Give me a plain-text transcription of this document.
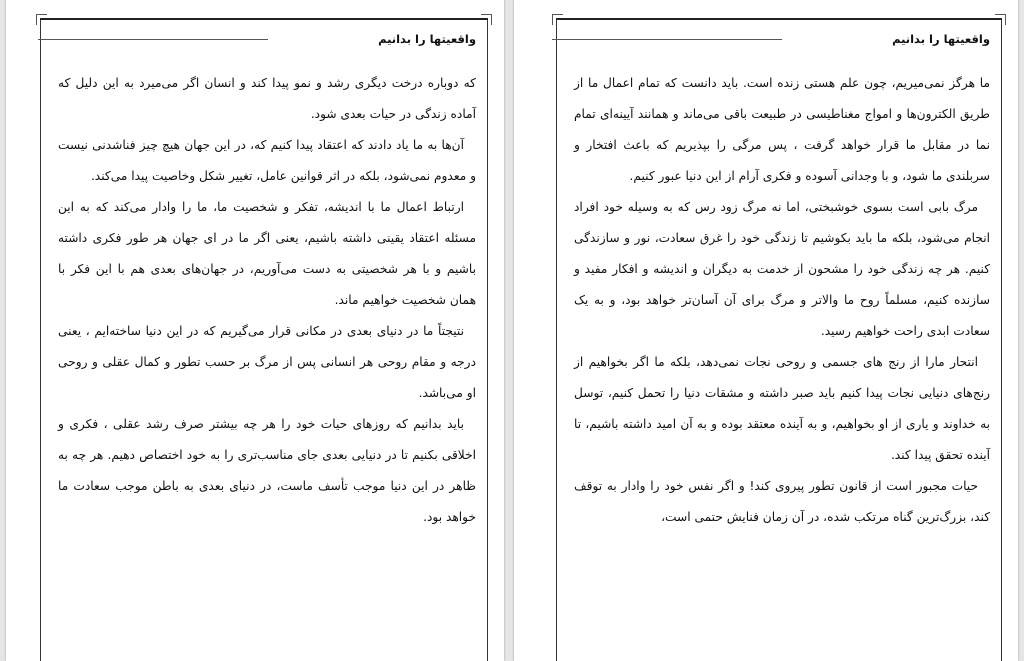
واقعیتها را بدانیم

ما هرگز نمی‌میریم، چون علم هستی زنده است. باید دانست که تمام اعمال ما از طریق الکترون‌ها و امواج مغناطیسی در طبیعت باقی می‌ماند و همانند آیینه‌ای تمام نما در مقابل ما قرار خواهد گرفت ، پس مرگی را بپذیریم که باعث افتخار و سربلندی ما شود، و با وجدانی آسوده و فکری آرام از این دنیا عبور کنیم.

مرگ بابی است بسوی خوشبختی، اما نه مرگ زود رس که به وسیله خود افراد انجام می‌شود، بلکه ما باید بکوشیم تا زندگی خود را غرق سعادت، نور و سازندگی کنیم. هر چه زندگی خود را مشحون از خدمت به دیگران و اندیشه و افکار مفید و سازنده کنیم، مسلماً روح ما والاتر و مرگ برای آن آسان‌تر خواهد بود، و به یک سعادت ابدی راحت خواهیم رسید.

انتحار مارا از رنج های جسمی و روحی نجات نمی‌دهد، بلکه ما اگر بخواهیم از رنج‌های دنیایی نجات پیدا کنیم باید صبر داشته و مشقات دنیا را تحمل کنیم، توسل به خداوند و یاری از او بخواهیم، و به آینده معتقد بوده و به آن امید داشته باشیم، تا آینده تحقق پیدا کند.

حیات مجبور است از قانون تطور پیروی کند! و اگر نفس خود را وادار به توقف کند، بزرگ‌ترین گناه مرتکب شده، در آن زمان فنایش حتمی است،

واقعیتها را بدانیم

که دوباره درخت دیگری رشد و نمو پیدا کند و انسان اگر می‌میرد به این دلیل که آماده زندگی در حیات بعدی شود.

آن‌ها به ما یاد دادند که اعتقاد پیدا کنیم که، در این جهان هیچ چیز فناشدنی نیست و معدوم نمی‌شود، بلکه در اثر قوانین عامل، تغییر شکل وخاصیت پیدا می‌کند.

ارتباط اعمال ما با اندیشه، تفکر و شخصیت ما، ما را وادار می‌کند که به این مسئله اعتقاد یقینی داشته باشیم، یعنی اگر ما در ای جهان هر طور فکری داشته باشیم و با هر شخصیتی به دست می‌آوریم، در جهان‌های بعدی هم با این فکر با همان شخصیت خواهیم ماند.

نتیجتاً ما در دنیای بعدی در مکانی قرار می‌گیریم که در این دنیا ساخته‌ایم ، یعنی درجه و مقام روحی هر انسانی پس از مرگ بر حسب تطور و کمال عقلی و روحی او می‌باشد.

باید بدانیم که روزهای حیات خود را هر چه بیشتر صرف رشد عقلی ، فکری و اخلاقی بکنیم تا در دنیایی بعدی جای مناسب‌تری را به خود اختصاص دهیم. هر چه به ظاهر در این دنیا موجب تأسف ماست، در دنیای بعدی به باطن موجب سعادت ما خواهد بود.
